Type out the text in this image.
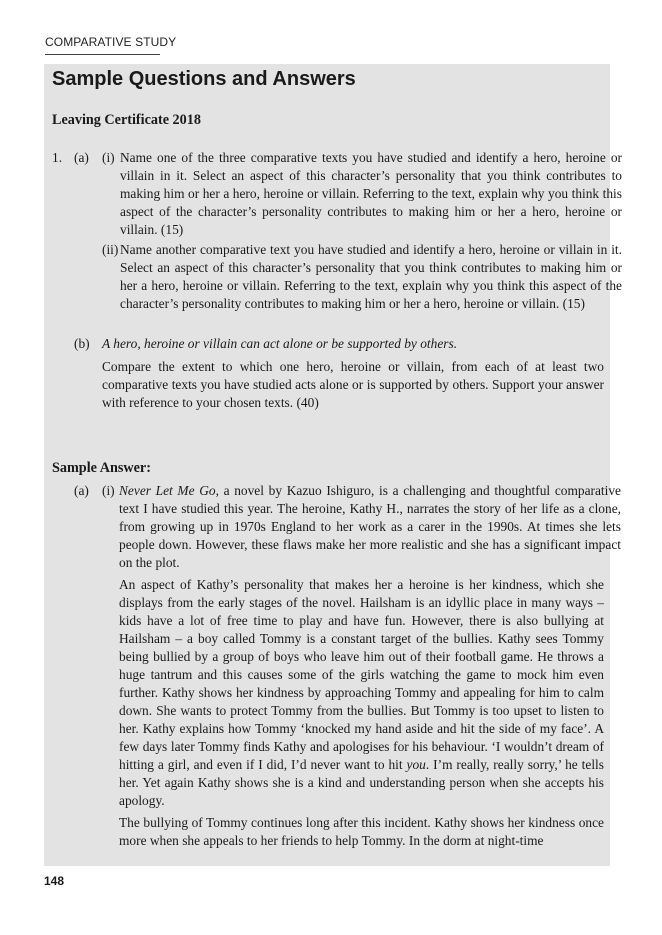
COMPARATIVE STUDY
Sample Questions and Answers
Leaving Certificate 2018
1. (a) (i) Name one of the three comparative texts you have studied and identify a hero, heroine or villain in it. Select an aspect of this character’s personality that you think contributes to making him or her a hero, heroine or villain. Referring to the text, explain why you think this aspect of the character’s personality contributes to making him or her a hero, heroine or villain. (15)

(ii) Name another comparative text you have studied and identify a hero, heroine or villain in it. Select an aspect of this character’s personality that you think contributes to making him or her a hero, heroine or villain. Referring to the text, explain why you think this aspect of the character’s personality contributes to making him or her a hero, heroine or villain. (15)

(b) A hero, heroine or villain can act alone or be supported by others.

Compare the extent to which one hero, heroine or villain, from each of at least two comparative texts you have studied acts alone or is supported by others. Support your answer with reference to your chosen texts. (40)

Sample Answer:
(a) (i) Never Let Me Go, a novel by Kazuo Ishiguro, is a challenging and thoughtful comparative text I have studied this year. The heroine, Kathy H., narrates the story of her life as a clone, from growing up in 1970s England to her work as a carer in the 1990s. At times she lets people down. However, these flaws make her more realistic and she has a significant impact on the plot.

An aspect of Kathy’s personality that makes her a heroine is her kindness, which she displays from the early stages of the novel. Hailsham is an idyllic place in many ways – kids have a lot of free time to play and have fun. However, there is also bullying at Hailsham – a boy called Tommy is a constant target of the bullies. Kathy sees Tommy being bullied by a group of boys who leave him out of their football game. He throws a huge tantrum and this causes some of the girls watching the game to mock him even further. Kathy shows her kindness by approaching Tommy and appealing for him to calm down. She wants to protect Tommy from the bullies. But Tommy is too upset to listen to her. Kathy explains how Tommy ‘knocked my hand aside and hit the side of my face’. A few days later Tommy finds Kathy and apologises for his behaviour. ‘I wouldn’t dream of hitting a girl, and even if I did, I’d never want to hit you. I’m really, really sorry,’ he tells her. Yet again Kathy shows she is a kind and understanding person when she accepts his apology.

The bullying of Tommy continues long after this incident. Kathy shows her kindness once more when she appeals to her friends to help Tommy. In the dorm at night-time

148
